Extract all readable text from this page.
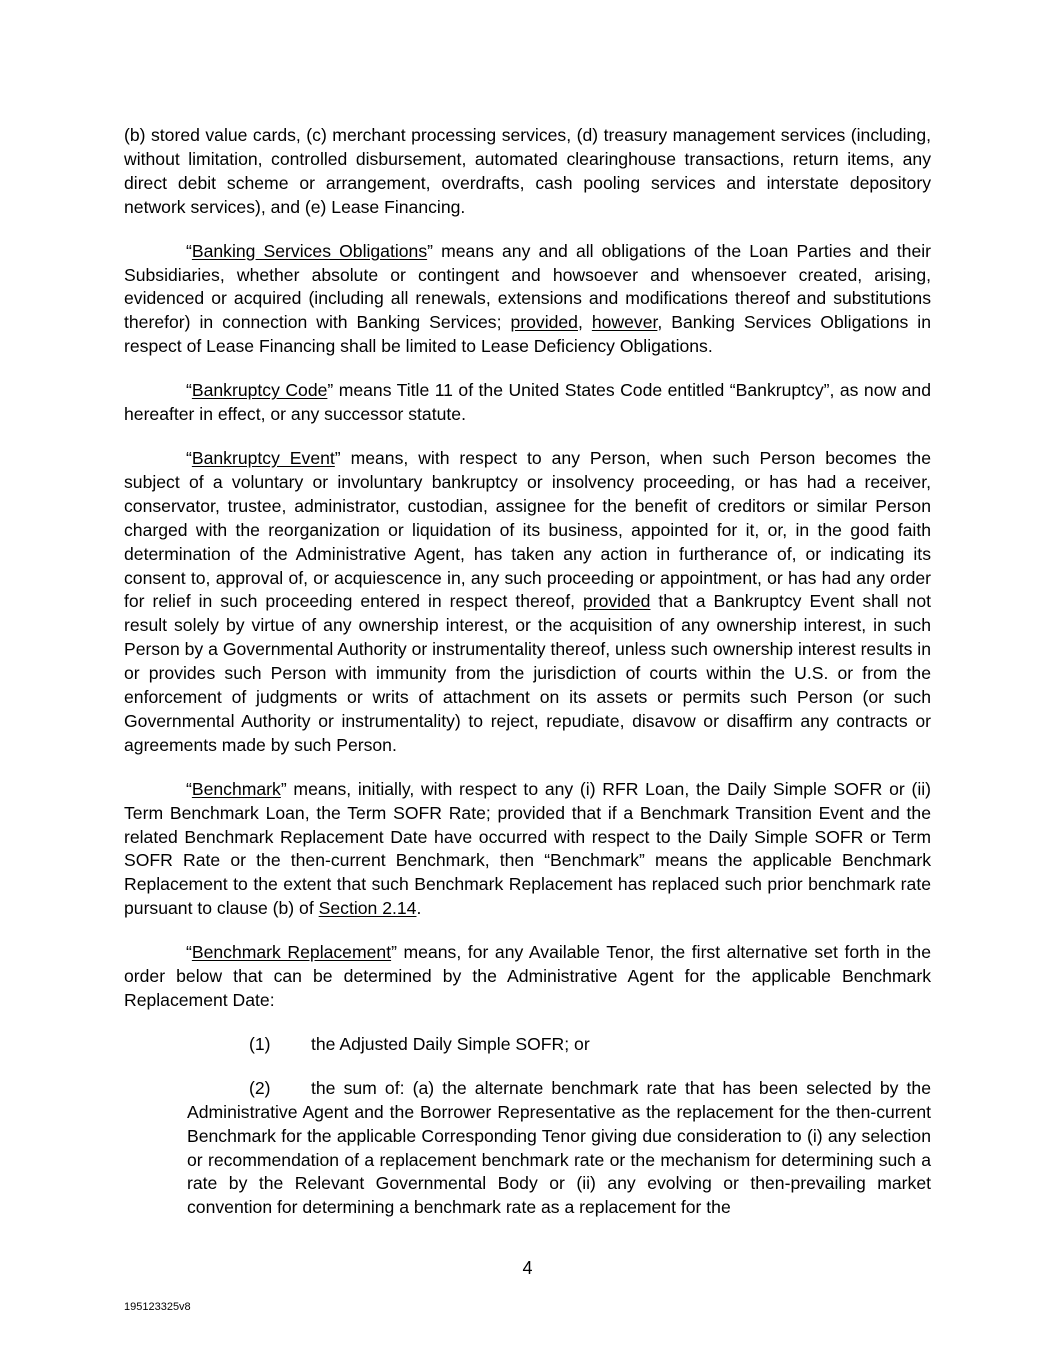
(b) stored value cards, (c) merchant processing services, (d) treasury management services (including, without limitation, controlled disbursement, automated clearinghouse transactions, return items, any direct debit scheme or arrangement, overdrafts, cash pooling services and interstate depository network services), and (e) Lease Financing.

“Banking Services Obligations” means any and all obligations of the Loan Parties and their Subsidiaries, whether absolute or contingent and howsoever and whensoever created, arising, evidenced or acquired (including all renewals, extensions and modifications thereof and substitutions therefor) in connection with Banking Services; provided, however, Banking Services Obligations in respect of Lease Financing shall be limited to Lease Deficiency Obligations.

“Bankruptcy Code” means Title 11 of the United States Code entitled “Bankruptcy”, as now and hereafter in effect, or any successor statute.

“Bankruptcy Event” means, with respect to any Person, when such Person becomes the subject of a voluntary or involuntary bankruptcy or insolvency proceeding, or has had a receiver, conservator, trustee, administrator, custodian, assignee for the benefit of creditors or similar Person charged with the reorganization or liquidation of its business, appointed for it, or, in the good faith determination of the Administrative Agent, has taken any action in furtherance of, or indicating its consent to, approval of, or acquiescence in, any such proceeding or appointment, or has had any order for relief in such proceeding entered in respect thereof, provided that a Bankruptcy Event shall not result solely by virtue of any ownership interest, or the acquisition of any ownership interest, in such Person by a Governmental Authority or instrumentality thereof, unless such ownership interest results in or provides such Person with immunity from the jurisdiction of courts within the U.S. or from the enforcement of judgments or writs of attachment on its assets or permits such Person (or such Governmental Authority or instrumentality) to reject, repudiate, disavow or disaffirm any contracts or agreements made by such Person.

“Benchmark” means, initially, with respect to any (i) RFR Loan, the Daily Simple SOFR or (ii) Term Benchmark Loan, the Term SOFR Rate; provided that if a Benchmark Transition Event and the related Benchmark Replacement Date have occurred with respect to the Daily Simple SOFR or Term SOFR Rate or the then-current Benchmark, then “Benchmark” means the applicable Benchmark Replacement to the extent that such Benchmark Replacement has replaced such prior benchmark rate pursuant to clause (b) of Section 2.14.

“Benchmark Replacement” means, for any Available Tenor, the first alternative set forth in the order below that can be determined by the Administrative Agent for the applicable Benchmark Replacement Date:

(1) the Adjusted Daily Simple SOFR; or

(2) the sum of: (a) the alternate benchmark rate that has been selected by the Administrative Agent and the Borrower Representative as the replacement for the then-current Benchmark for the applicable Corresponding Tenor giving due consideration to (i) any selection or recommendation of a replacement benchmark rate or the mechanism for determining such a rate by the Relevant Governmental Body or (ii) any evolving or then-prevailing market convention for determining a benchmark rate as a replacement for the

4
195123325v8
